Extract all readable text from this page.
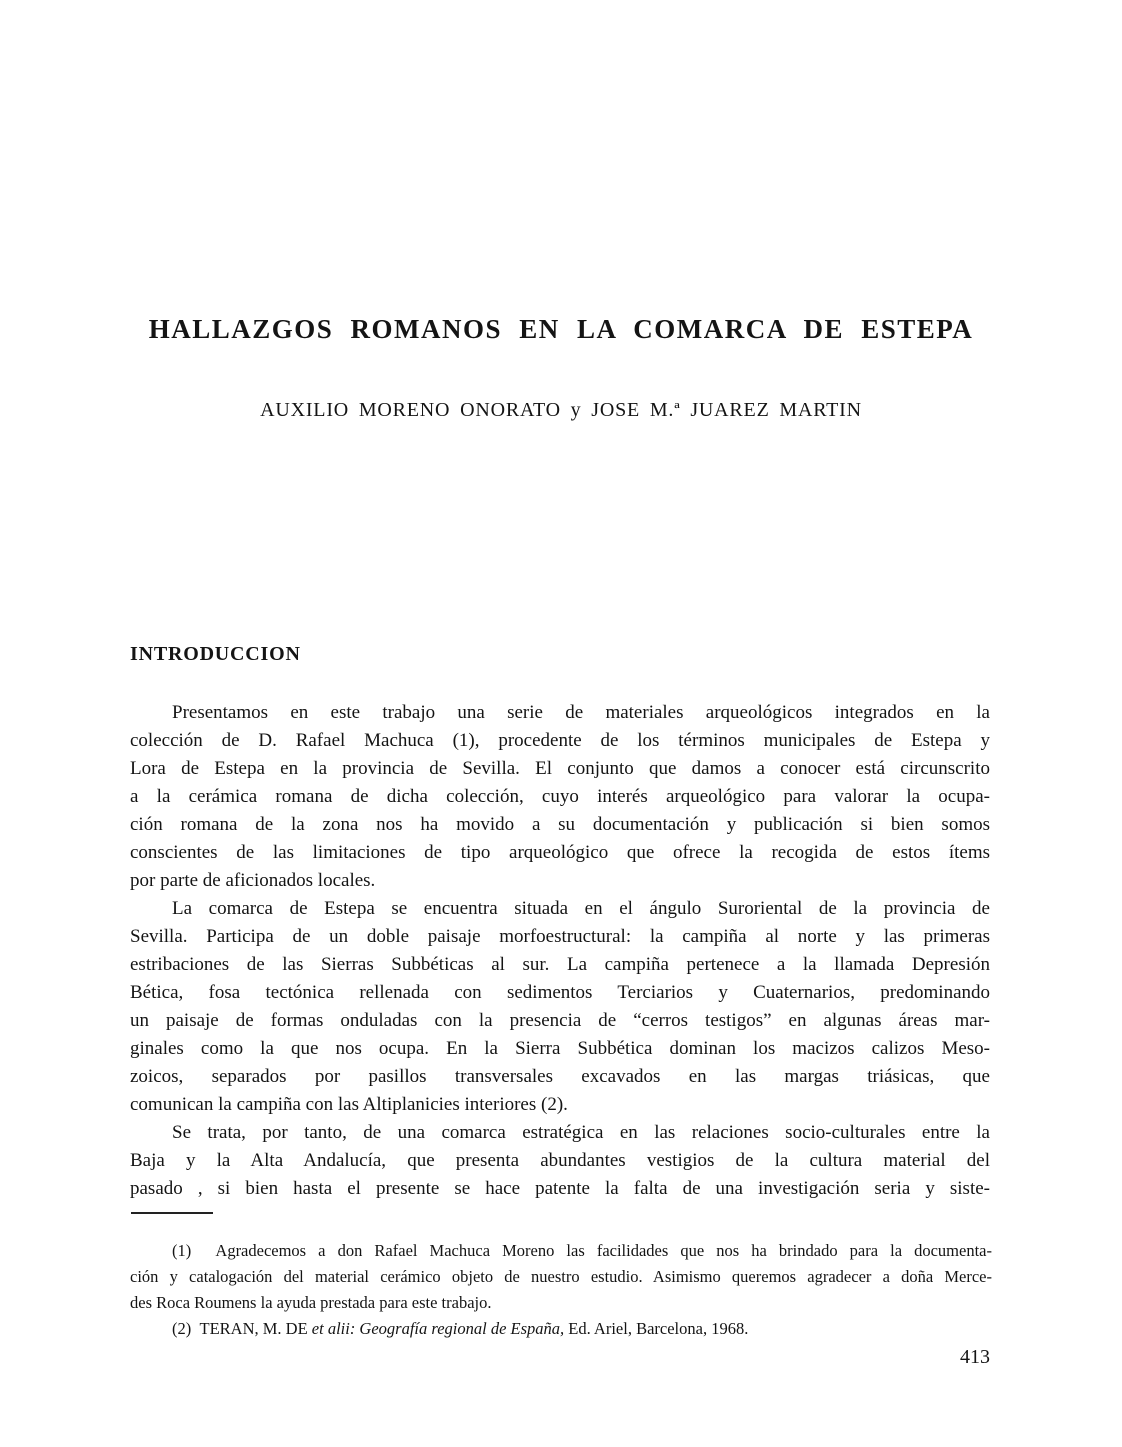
HALLAZGOS ROMANOS EN LA COMARCA DE ESTEPA
AUXILIO MORENO ONORATO y JOSE M.ª JUAREZ MARTIN
INTRODUCCION
Presentamos en este trabajo una serie de materiales arqueológicos integrados en la
colección de D. Rafael Machuca (1), procedente de los términos municipales de Estepa y
Lora de Estepa en la provincia de Sevilla. El conjunto que damos a conocer está circunscrito
a la cerámica romana de dicha colección, cuyo interés arqueológico para valorar la ocupa-
ción romana de la zona nos ha movido a su documentación y publicación si bien somos
conscientes de las limitaciones de tipo arqueológico que ofrece la recogida de estos ítems
por parte de aficionados locales.
La comarca de Estepa se encuentra situada en el ángulo Suroriental de la provincia de
Sevilla. Participa de un doble paisaje morfoestructural: la campiña al norte y las primeras
estribaciones de las Sierras Subbéticas al sur. La campiña pertenece a la llamada Depresión
Bética, fosa tectónica rellenada con sedimentos Terciarios y Cuaternarios, predominando
un paisaje de formas onduladas con la presencia de “cerros testigos” en algunas áreas mar-
ginales como la que nos ocupa. En la Sierra Subbética dominan los macizos calizos Meso-
zoicos, separados por pasillos transversales excavados en las margas triásicas, que
comunican la campiña con las Altiplanicies interiores (2).
Se trata, por tanto, de una comarca estratégica en las relaciones socio-culturales entre la
Baja y la Alta Andalucía, que presenta abundantes vestigios de la cultura material del
pasado , si bien hasta el presente se hace patente la falta de una investigación seria y siste-
(1)  Agradecemos a don Rafael Machuca Moreno las facilidades que nos ha brindado para la documenta-
ción y catalogación del material cerámico objeto de nuestro estudio. Asimismo queremos agradecer a doña Merce-
des Roca Roumens la ayuda prestada para este trabajo.
(2)  TERAN, M. DE et alii: Geografía regional de España, Ed. Ariel, Barcelona, 1968.
413
